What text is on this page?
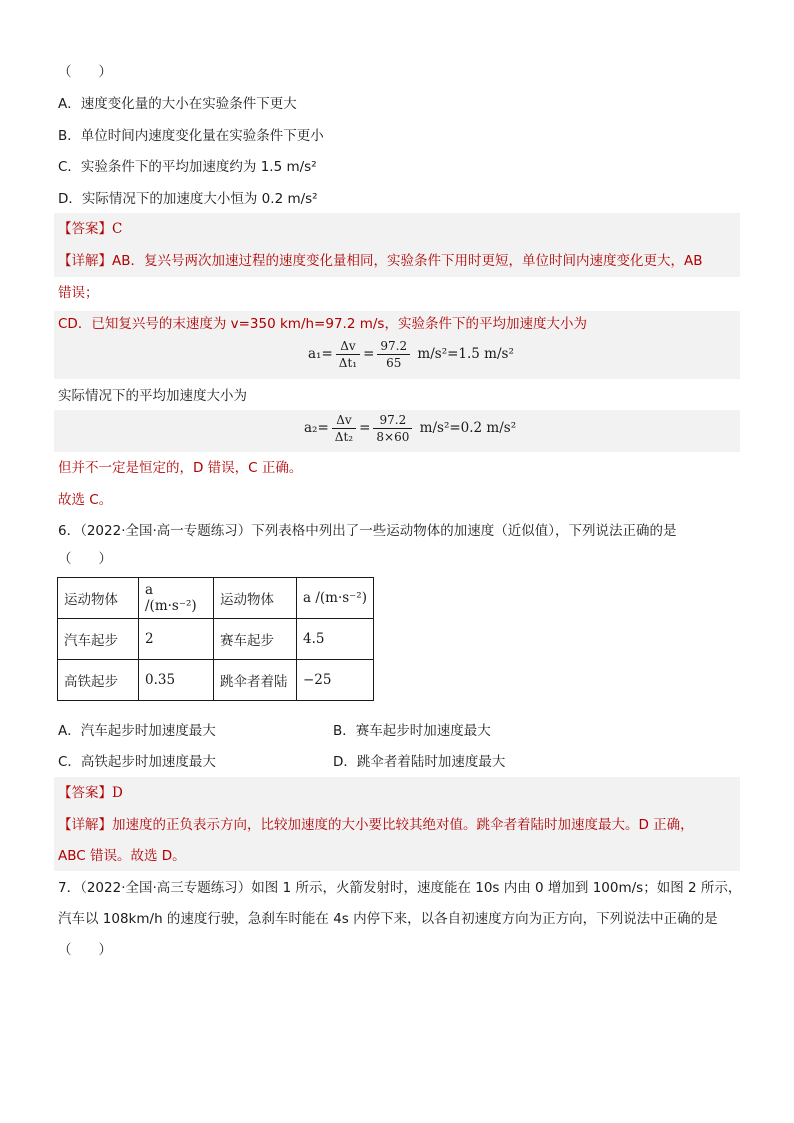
（　　）
A．速度变化量的大小在实验条件下更大
B．单位时间内速度变化量在实验条件下更小
C．实验条件下的平均加速度约为 1.5 m/s²
D．实际情况下的加速度大小恒为 0.2 m/s²
【答案】C
【详解】AB．复兴号两次加速过程的速度变化量相同，实验条件下用时更短，单位时间内速度变化更大，AB
错误；
CD．已知复兴号的末速度为 v=350 km/h=97.2 m/s，实验条件下的平均加速度大小为
$a_1= \frac{\Delta v}{\text{Δt₁}} = \frac{97.2}{65} m/s^2=1.5$ m/s²
实际情况下的平均加速度大小为
$a_2= \frac{\Delta v}{\text{Δt₂}} = \frac{97.2}{8\times 60} m/s^2=0.2$ m/s²
但并不一定是恒定的，D 错误，C 正确。
故选 C。
6．（2022·全国·高一专题练习）下列表格中列出了一些运动物体的加速度（近似值），下列说法正确的是
（　　）
运动物体	a /(m·s⁻²)	运动物体	a /(m·s⁻²)
汽车起步	2	赛车起步	4.5
高铁起步	0.35	跳伞者着陆	−25
A．汽车起步时加速度最大	B．赛车起步时加速度最大
C．高铁起步时加速度最大	D．跳伞者着陆时加速度最大
【答案】D
【详解】加速度的正负表示方向，比较加速度的大小要比较其绝对值。跳伞者着陆时加速度最大。D 正确，
ABC 错误。故选 D。
7．（2022·全国·高三专题练习）如图 1 所示，火箭发射时，速度能在 10s 内由 0 增加到 100m/s；如图 2 所示，
汽车以 108km/h 的速度行驶，急刹车时能在 4s 内停下来，以各自初速度方向为正方向，下列说法中正确的是
（　　）
